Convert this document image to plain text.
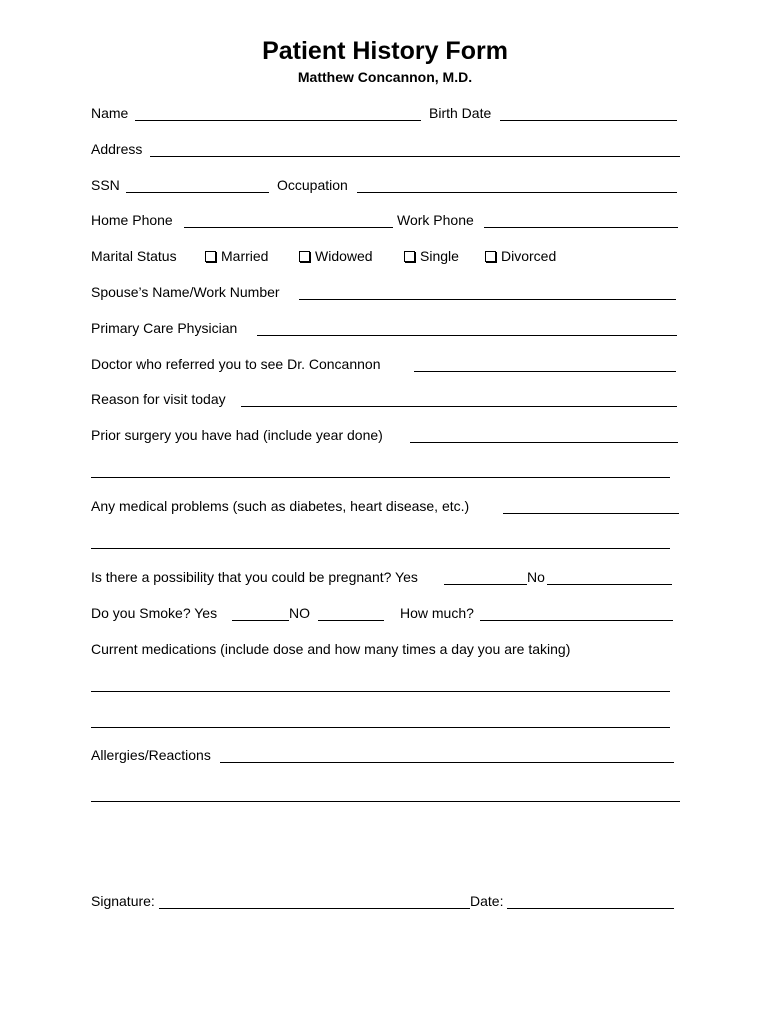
Patient History Form
Matthew Concannon, M.D.
Name	Birth Date
Address
SSN	Occupation
Home Phone	Work Phone
Marital Status	Married	Widowed	Single	Divorced
Spouse’s Name/Work Number
Primary Care Physician
Doctor who referred you to see Dr. Concannon
Reason for visit today
Prior surgery you have had (include year done)
Any medical problems (such as diabetes, heart disease, etc.)
Is there a possibility that you could be pregnant? Yes	No
Do you Smoke? Yes	NO	How much?
Current medications (include dose and how many times a day you are taking)
Allergies/Reactions
Signature:	Date:
